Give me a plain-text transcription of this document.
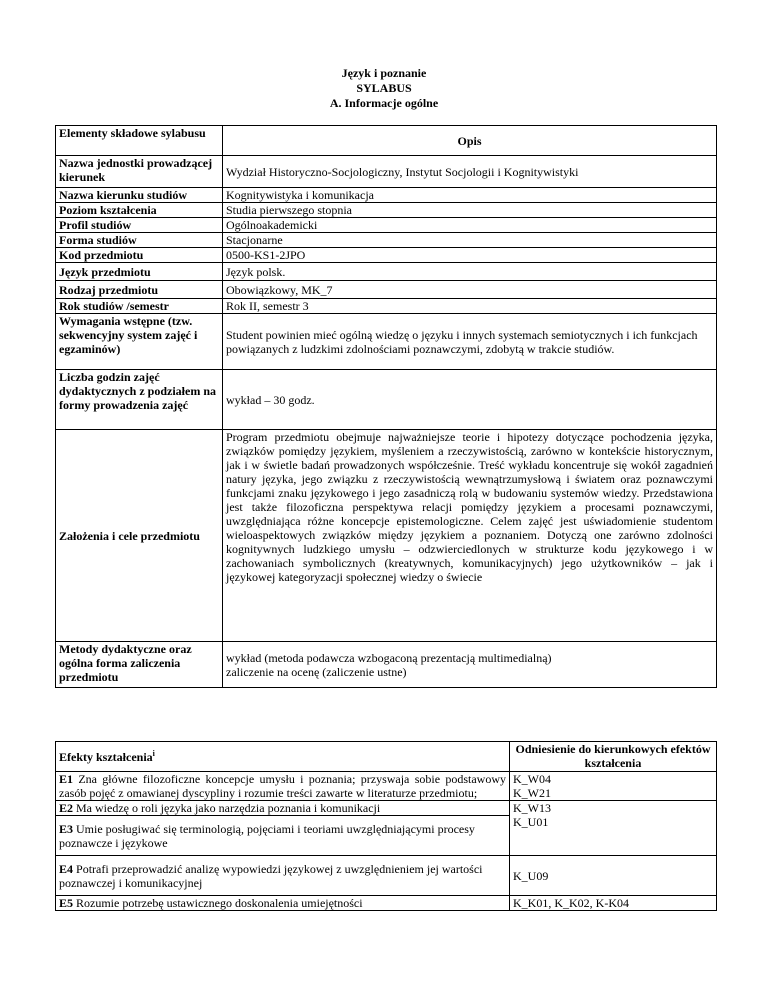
Język i poznanie
SYLABUS
A. Informacje ogólne
Elementy składowe sylabusu	Opis
Nazwa jednostki prowadzącej kierunek	Wydział Historyczno-Socjologiczny, Instytut Socjologii i Kognitywistyki
Nazwa kierunku studiów	Kognitywistyka i komunikacja
Poziom kształcenia	Studia pierwszego stopnia
Profil studiów	Ogólnoakademicki
Forma studiów	Stacjonarne
Kod przedmiotu	0500-KS1-2JPO
Język przedmiotu	Język polsk.
Rodzaj przedmiotu	Obowiązkowy, MK_7
Rok studiów /semestr	Rok II, semestr 3
Wymagania wstępne (tzw. sekwencyjny system zajęć i egzaminów)	Student powinien mieć ogólną wiedzę o języku i innych systemach semiotycznych i ich funkcjach powiązanych z ludzkimi zdolnościami poznawczymi, zdobytą w trakcie studiów.
Liczba godzin zajęć dydaktycznych z podziałem na formy prowadzenia zajęć	wykład – 30 godz.
Założenia i cele przedmiotu	Program przedmiotu obejmuje najważniejsze teorie i hipotezy dotyczące pochodzenia języka, związków pomiędzy językiem, myśleniem a rzeczywistością, zarówno w kontekście historycznym, jak i w świetle badań prowadzonych współcześnie. Treść wykładu koncentruje się wokół zagadnień natury języka, jego związku z rzeczywistością wewnątrzumysłową i światem oraz poznawczymi funkcjami znaku językowego i jego zasadniczą rolą w budowaniu systemów wiedzy. Przedstawiona jest także filozoficzna perspektywa relacji pomiędzy językiem a procesami poznawczymi, uwzględniająca różne koncepcje epistemologiczne. Celem zajęć jest uświadomienie studentom wieloaspektowych związków między językiem a poznaniem. Dotyczą one zarówno zdolności kognitywnych ludzkiego umysłu – odzwierciedlonych w strukturze kodu językowego i w zachowaniach symbolicznych (kreatywnych, komunikacyjnych) jego użytkowników – jak i językowej kategoryzacji społecznej wiedzy o świecie
Metody dydaktyczne oraz ogólna forma zaliczenia przedmiotu	wykład (metoda podawcza wzbogaconą prezentacją multimedialną)
zaliczenie na ocenę (zaliczenie ustne)
Efekty kształcenia$^i$	Odniesienie do kierunkowych efektów kształcenia
E1 Zna główne filozoficzne koncepcje umysłu i poznania; przyswaja sobie podstawowy zasób pojęć z omawianej dyscypliny i rozumie treści zawarte w literaturze przedmiotu;	K_W04
K_W21

E2 Ma wiedzę o roli języka jako narzędzia poznania i komunikacji	K_W13
K_U01

E3 Umie posługiwać się terminologią, pojęciami i teoriami uwzględniającymi procesy poznawcze i językowe	
E4 Potrafi przeprowadzić analizę wypowiedzi językowej z uwzględnieniem jej wartości poznawczej i komunikacyjnej	K_U09
E5 Rozumie potrzebę ustawicznego doskonalenia umiejętności	K_K01, K_K02, K-K04
